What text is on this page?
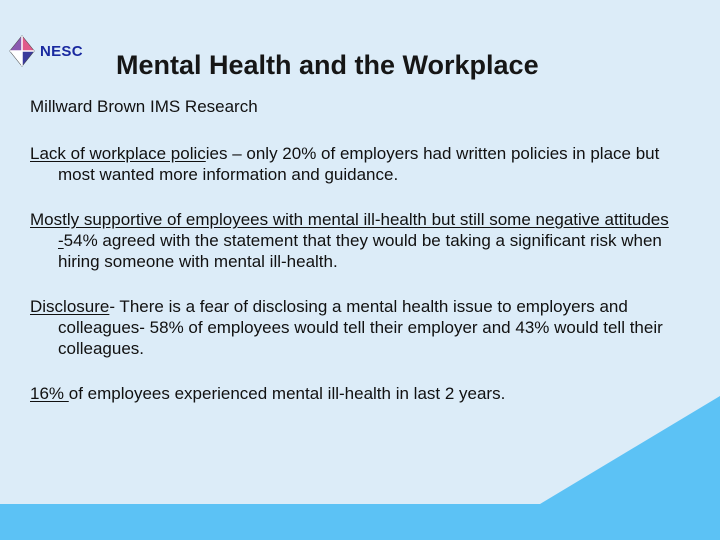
NESC Mental Health and the Workplace

Millward Brown IMS Research

Lack of workplace policies – only 20% of employers had written policies in place but most wanted more information and guidance.

Mostly supportive of employees with mental ill-health but still some negative attitudes -54% agreed with the statement that they would be taking a significant risk when hiring someone with mental ill-health.

Disclosure- There is a fear of disclosing a mental health issue to employers and colleagues- 58% of employees would tell their employer and 43% would tell their colleagues.

16% of employees experienced mental ill-health in last 2 years.
